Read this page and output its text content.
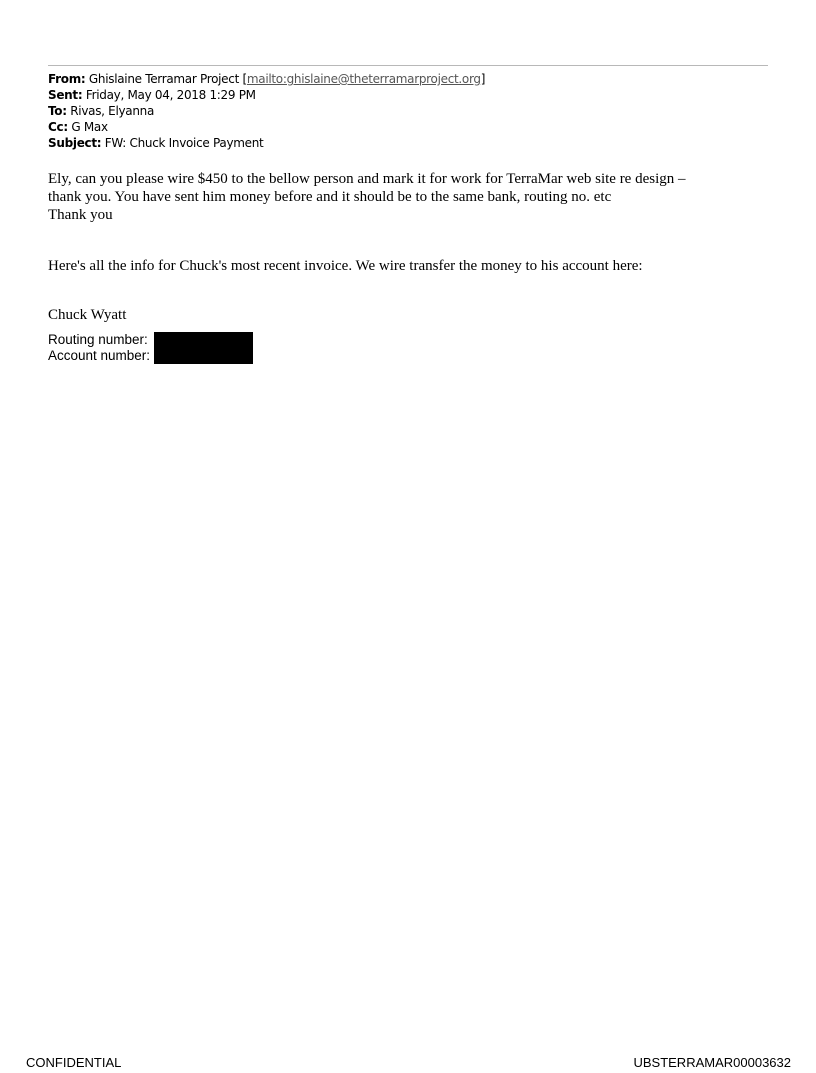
From: Ghislaine Terramar Project [mailto:ghislaine@theterramarproject.org]
Sent: Friday, May 04, 2018 1:29 PM
To: Rivas, Elyanna
Cc: G Max
Subject: FW: Chuck Invoice Payment
Ely, can you please wire $450 to the bellow person and mark it for work for TerraMar web site re design –
thank you. You have sent him money before and it should be to the same bank, routing no. etc
Thank you
Here's all the info for Chuck's most recent invoice. We wire transfer the money to his account here:
Chuck Wyatt
Routing number:
Account number:
CONFIDENTIAL	UBSTERRAMAR00003632
